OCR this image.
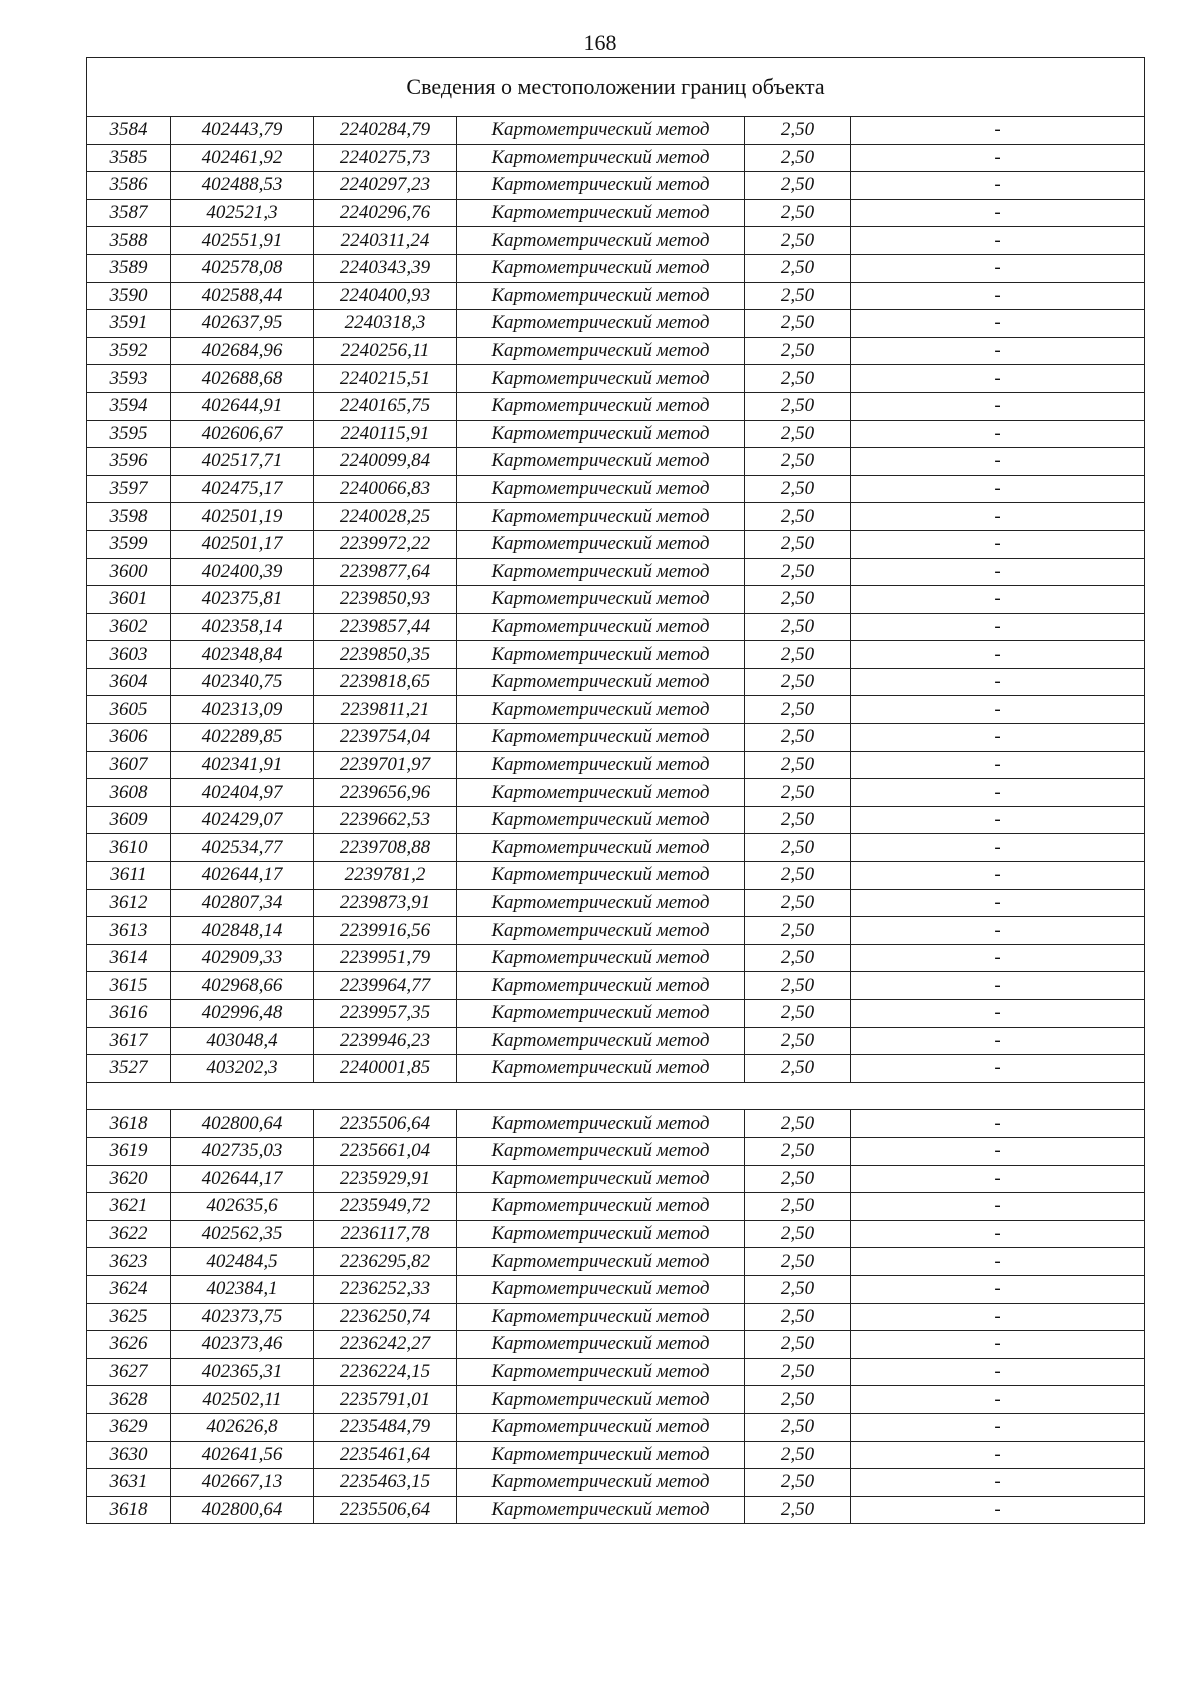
168
Сведения о местоположении границ объекта					
3584	402443,79	2240284,79	Картометрический метод	2,50	-
3585	402461,92	2240275,73	Картометрический метод	2,50	-
3586	402488,53	2240297,23	Картометрический метод	2,50	-
3587	402521,3	2240296,76	Картометрический метод	2,50	-
3588	402551,91	2240311,24	Картометрический метод	2,50	-
3589	402578,08	2240343,39	Картометрический метод	2,50	-
3590	402588,44	2240400,93	Картометрический метод	2,50	-
3591	402637,95	2240318,3	Картометрический метод	2,50	-
3592	402684,96	2240256,11	Картометрический метод	2,50	-
3593	402688,68	2240215,51	Картометрический метод	2,50	-
3594	402644,91	2240165,75	Картометрический метод	2,50	-
3595	402606,67	2240115,91	Картометрический метод	2,50	-
3596	402517,71	2240099,84	Картометрический метод	2,50	-
3597	402475,17	2240066,83	Картометрический метод	2,50	-
3598	402501,19	2240028,25	Картометрический метод	2,50	-
3599	402501,17	2239972,22	Картометрический метод	2,50	-
3600	402400,39	2239877,64	Картометрический метод	2,50	-
3601	402375,81	2239850,93	Картометрический метод	2,50	-
3602	402358,14	2239857,44	Картометрический метод	2,50	-
3603	402348,84	2239850,35	Картометрический метод	2,50	-
3604	402340,75	2239818,65	Картометрический метод	2,50	-
3605	402313,09	2239811,21	Картометрический метод	2,50	-
3606	402289,85	2239754,04	Картометрический метод	2,50	-
3607	402341,91	2239701,97	Картометрический метод	2,50	-
3608	402404,97	2239656,96	Картометрический метод	2,50	-
3609	402429,07	2239662,53	Картометрический метод	2,50	-
3610	402534,77	2239708,88	Картометрический метод	2,50	-
3611	402644,17	2239781,2	Картометрический метод	2,50	-
3612	402807,34	2239873,91	Картометрический метод	2,50	-
3613	402848,14	2239916,56	Картометрический метод	2,50	-
3614	402909,33	2239951,79	Картометрический метод	2,50	-
3615	402968,66	2239964,77	Картометрический метод	2,50	-
3616	402996,48	2239957,35	Картометрический метод	2,50	-
3617	403048,4	2239946,23	Картометрический метод	2,50	-
3527	403202,3	2240001,85	Картометрический метод	2,50	-

3618	402800,64	2235506,64	Картометрический метод	2,50	-
3619	402735,03	2235661,04	Картометрический метод	2,50	-
3620	402644,17	2235929,91	Картометрический метод	2,50	-
3621	402635,6	2235949,72	Картометрический метод	2,50	-
3622	402562,35	2236117,78	Картометрический метод	2,50	-
3623	402484,5	2236295,82	Картометрический метод	2,50	-
3624	402384,1	2236252,33	Картометрический метод	2,50	-
3625	402373,75	2236250,74	Картометрический метод	2,50	-
3626	402373,46	2236242,27	Картометрический метод	2,50	-
3627	402365,31	2236224,15	Картометрический метод	2,50	-
3628	402502,11	2235791,01	Картометрический метод	2,50	-
3629	402626,8	2235484,79	Картометрический метод	2,50	-
3630	402641,56	2235461,64	Картометрический метод	2,50	-
3631	402667,13	2235463,15	Картометрический метод	2,50	-
3618	402800,64	2235506,64	Картометрический метод	2,50	-
